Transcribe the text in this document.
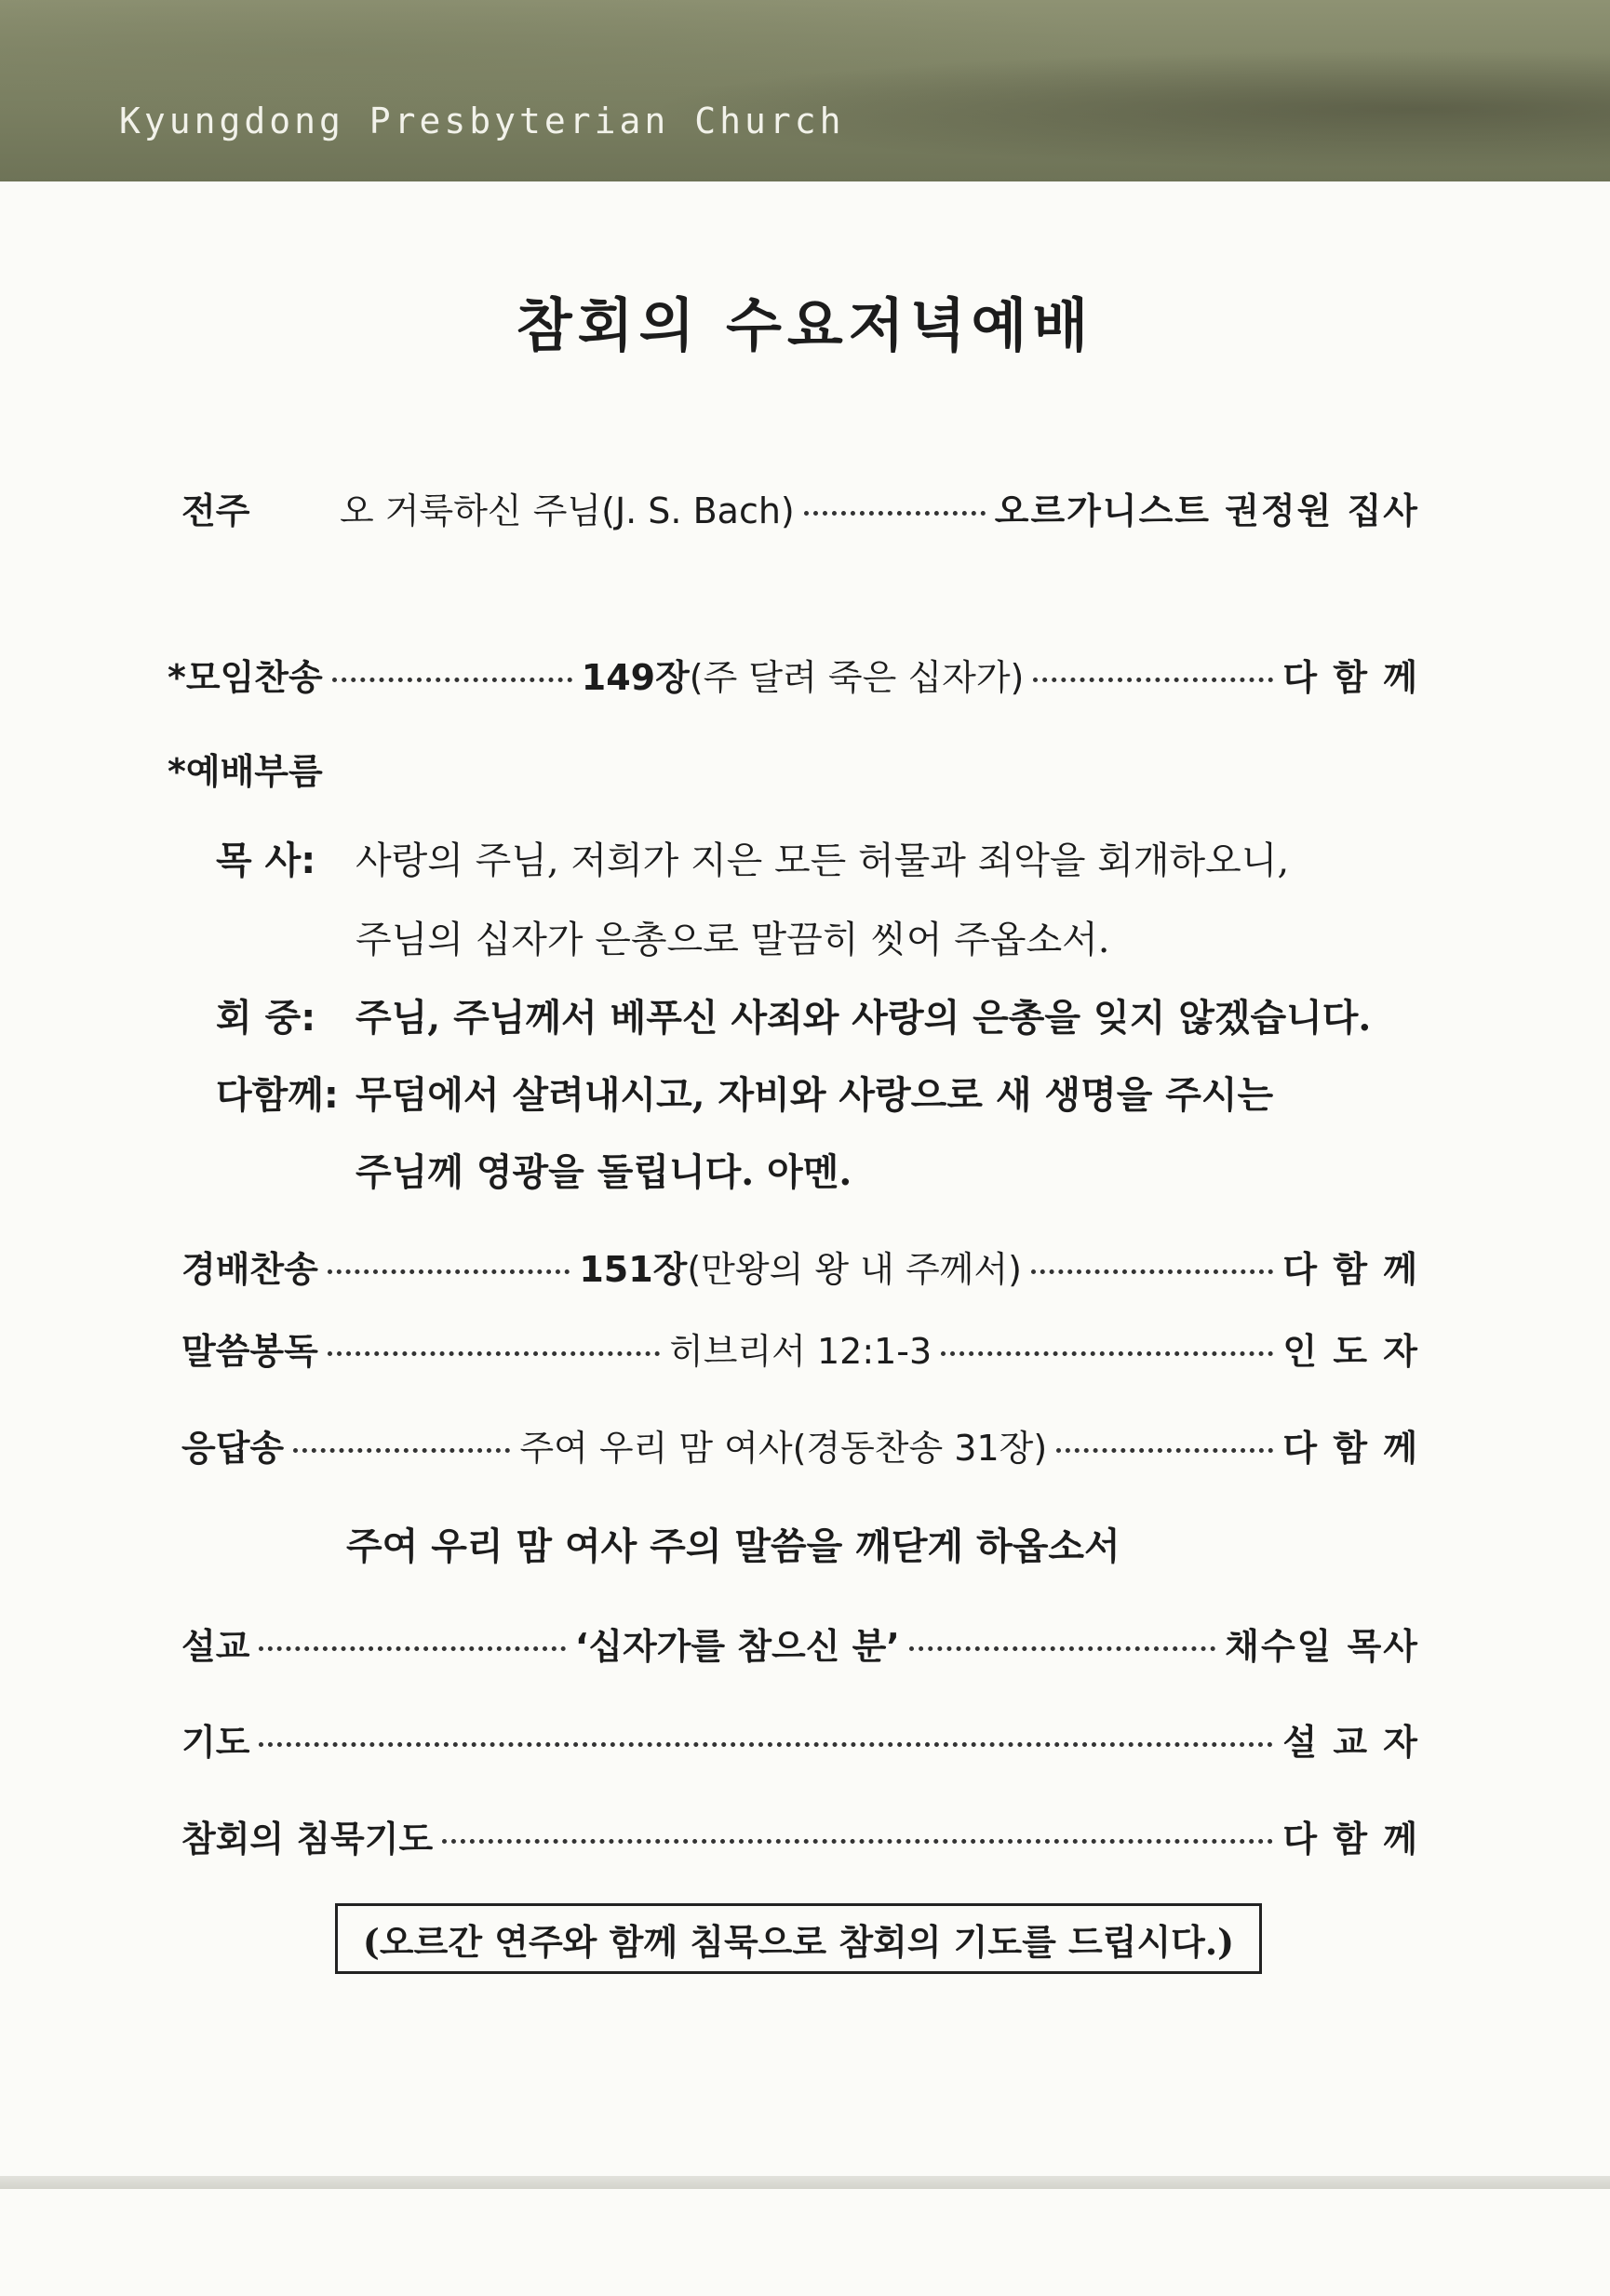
Kyungdong Presbyterian Church
참회의 수요저녁예배
전주	오 거룩하신 주님(J. S. Bach)	오르가니스트 권정원 집사
*모임찬송	149장(주 달려 죽은 십자가)	다 함 께
*예배부름
목 사: 사랑의 주님, 저희가 지은 모든 허물과 죄악을 회개하오니,
주님의 십자가 은총으로 말끔히 씻어 주옵소서.
회 중: 주님, 주님께서 베푸신 사죄와 사랑의 은총을 잊지 않겠습니다.
다함께: 무덤에서 살려내시고, 자비와 사랑으로 새 생명을 주시는
주님께 영광을 돌립니다. 아멘.
경배찬송	151장(만왕의 왕 내 주께서)	다 함 께
말씀봉독	히브리서 12:1-3	인 도 자
응답송	주여 우리 맘 여사(경동찬송 31장)	다 함 께
주여 우리 맘 여사 주의 말씀을 깨닫게 하옵소서
설교	‘십자가를 참으신 분’	채수일 목사
기도	설 교 자
참회의 침묵기도	다 함 께
(오르간 연주와 함께 침묵으로 참회의 기도를 드립시다.)
